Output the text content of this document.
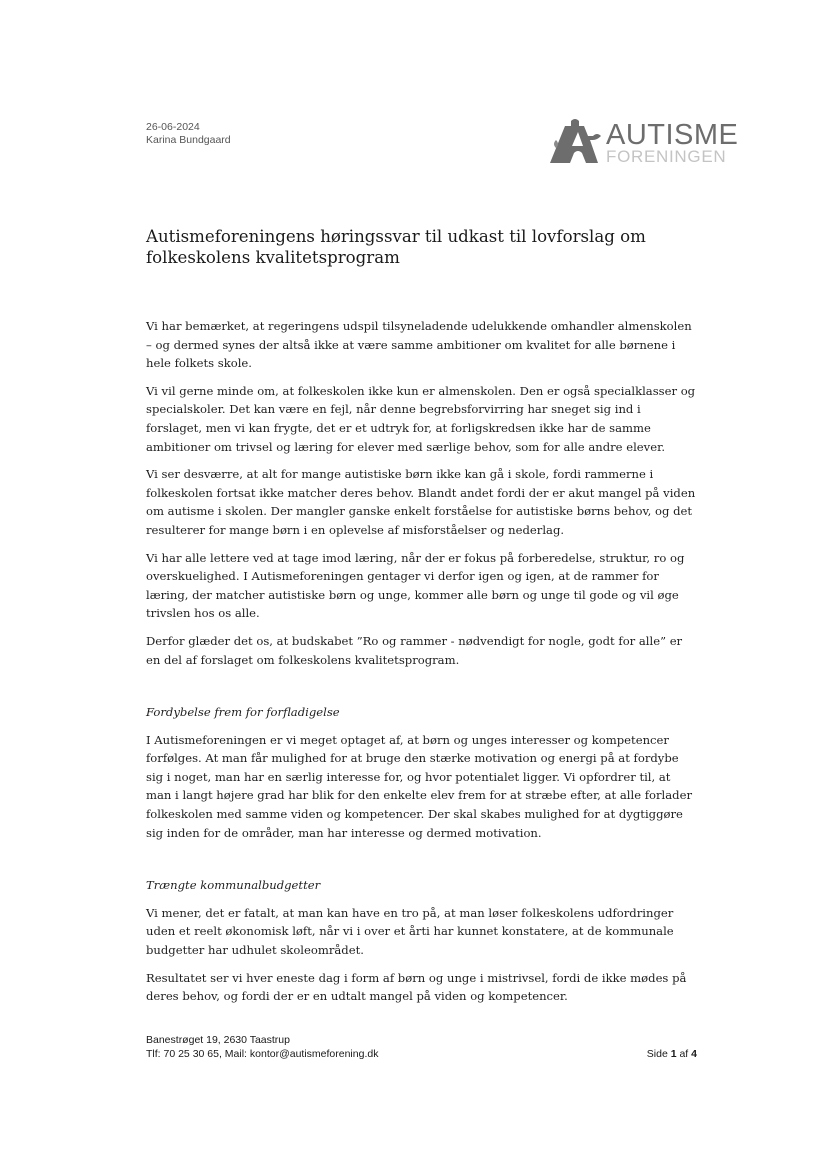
26-06-2024
Karina Bundgaard	AUTISME
FORENINGEN
Autismeforeningens høringssvar til udkast til lovforslag om folkeskolens kvalitetsprogram

Vi har bemærket, at regeringens udspil tilsyneladende udelukkende omhandler almenskolen – og dermed synes der altså ikke at være samme ambitioner om kvalitet for alle børnene i hele folkets skole.

Vi vil gerne minde om, at folkeskolen ikke kun er almenskolen. Den er også specialklasser og specialskoler. Det kan være en fejl, når denne begrebsforvirring har sneget sig ind i forslaget, men vi kan frygte, det er et udtryk for, at forligskredsen ikke har de samme ambitioner om trivsel og læring for elever med særlige behov, som for alle andre elever.

Vi ser desværre, at alt for mange autistiske børn ikke kan gå i skole, fordi rammerne i folkeskolen fortsat ikke matcher deres behov. Blandt andet fordi der er akut mangel på viden om autisme i skolen. Der mangler ganske enkelt forståelse for autistiske børns behov, og det resulterer for mange børn i en oplevelse af misforståelser og nederlag.

Vi har alle lettere ved at tage imod læring, når der er fokus på forberedelse, struktur, ro og overskuelighed. I Autismeforeningen gentager vi derfor igen og igen, at de rammer for læring, der matcher autistiske børn og unge, kommer alle børn og unge til gode og vil øge trivslen hos os alle.

Derfor glæder det os, at budskabet ”Ro og rammer - nødvendigt for nogle, godt for alle” er en del af forslaget om folkeskolens kvalitetsprogram.

Fordybelse frem for forfladigelse

I Autismeforeningen er vi meget optaget af, at børn og unges interesser og kompetencer forfølges. At man får mulighed for at bruge den stærke motivation og energi på at fordybe sig i noget, man har en særlig interesse for, og hvor potentialet ligger. Vi opfordrer til, at man i langt højere grad har blik for den enkelte elev frem for at stræbe efter, at alle forlader folkeskolen med samme viden og kompetencer. Der skal skabes mulighed for at dygtiggøre sig inden for de områder, man har interesse og dermed motivation.

Trængte kommunalbudgetter

Vi mener, det er fatalt, at man kan have en tro på, at man løser folkeskolens udfordringer uden et reelt økonomisk løft, når vi i over et årti har kunnet konstatere, at de kommunale budgetter har udhulet skoleområdet.

Resultatet ser vi hver eneste dag i form af børn og unge i mistrivsel, fordi de ikke mødes på deres behov, og fordi der er en udtalt mangel på viden og kompetencer.

Banestrøget 19, 2630 Taastrup
Tlf: 70 25 30 65, Mail: kontor@autismeforening.dk	Side 1 af 4
